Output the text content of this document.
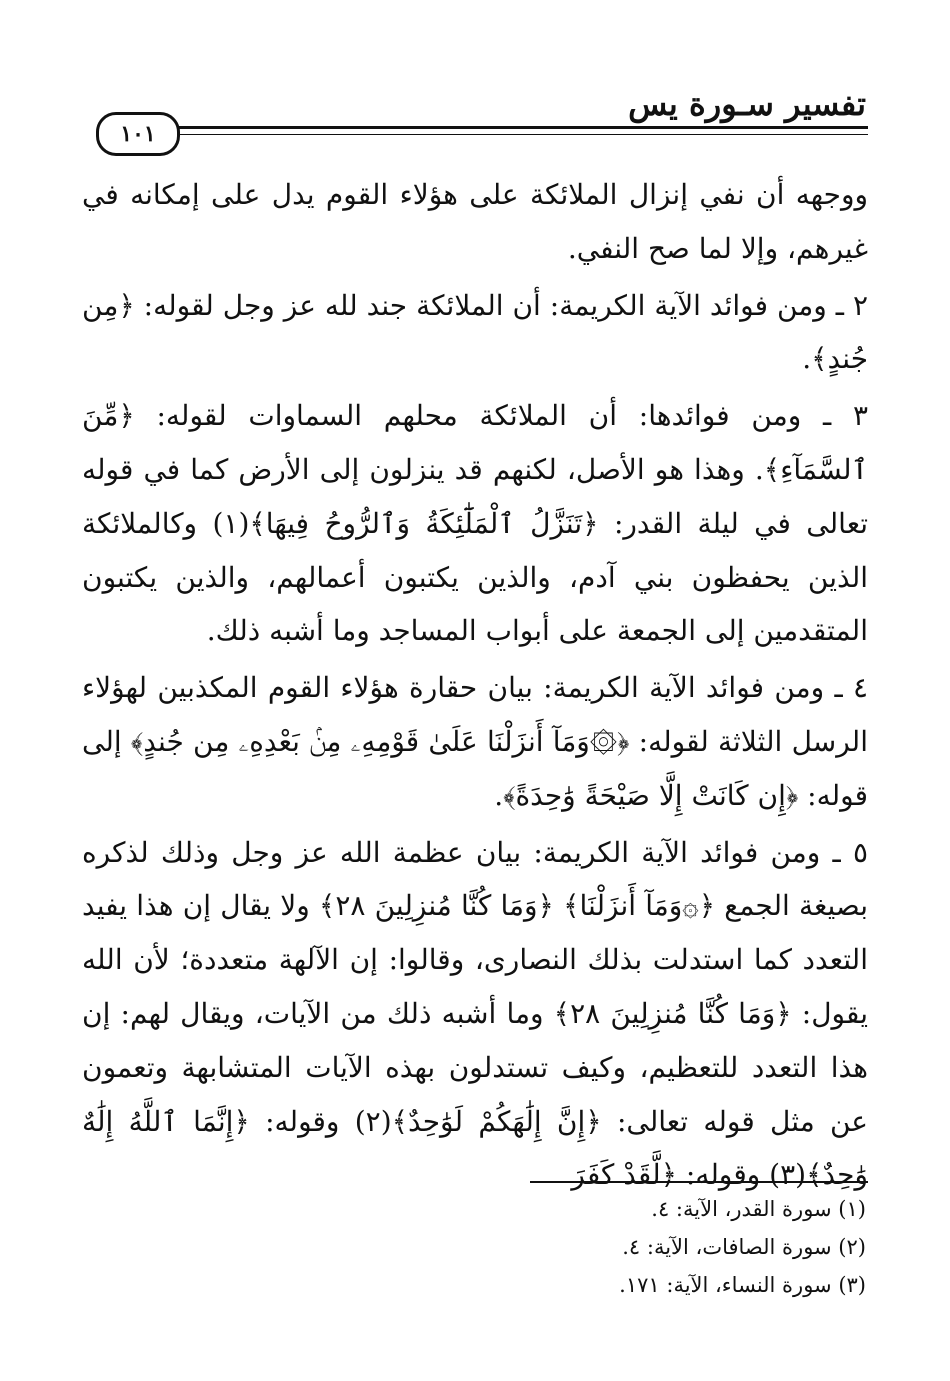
تفسير سـورة يس
١٠١

ووجهه أن نفي إنزال الملائكة على هؤلاء القوم يدل على إمكانه في غيرهم، وإلا لما صح النفي.

٢ ـ ومن فوائد الآية الكريمة: أن الملائكة جند لله عز وجل لقوله: ﴿مِن جُندٍ﴾.

٣ ـ ومن فوائدها: أن الملائكة محلهم السماوات لقوله: ﴿مِّنَ ٱلسَّمَآءِ﴾. وهذا هو الأصل، لكنهم قد ينزلون إلى الأرض كما في قوله تعالى في ليلة القدر: ﴿تَنَزَّلُ ٱلْمَلَٰٓئِكَةُ وَٱلرُّوحُ فِيهَا﴾(١) وكالملائكة الذين يحفظون بني آدم، والذين يكتبون أعمالهم، والذين يكتبون المتقدمين إلى الجمعة على أبواب المساجد وما أشبه ذلك.

٤ ـ ومن فوائد الآية الكريمة: بيان حقارة هؤلاء القوم المكذبين لهؤلاء الرسل الثلاثة لقوله: ﴿۞وَمَآ أَنزَلْنَا عَلَىٰ قَوْمِهِۦ مِنۢ بَعْدِهِۦ مِن جُندٍ﴾ إلى قوله: ﴿إِن كَانَتْ إِلَّا صَيْحَةً وَٰحِدَةً﴾.

٥ ـ ومن فوائد الآية الكريمة: بيان عظمة الله عز وجل وذلك لذكره بصيغة الجمع ﴿۞وَمَآ أَنزَلْنَا﴾ ﴿وَمَا كُنَّا مُنزِلِينَ ٢٨﴾ ولا يقال إن هذا يفيد التعدد كما استدلت بذلك النصارى، وقالوا: إن الآلهة متعددة؛ لأن الله يقول: ﴿وَمَا كُنَّا مُنزِلِينَ ٢٨﴾ وما أشبه ذلك من الآيات، ويقال لهم: إن هذا التعدد للتعظيم، وكيف تستدلون بهذه الآيات المتشابهة وتعمون عن مثل قوله تعالى: ﴿إِنَّ إِلَٰهَكُمْ لَوَٰحِدٌ﴾(٢) وقوله: ﴿إِنَّمَا ٱللَّهُ إِلَٰهٌ وَٰحِدٌ﴾(٣) وقوله: ﴿لَّقَدْ كَفَرَ

(١) سورة القدر، الآية: ٤.
(٢) سورة الصافات، الآية: ٤.
(٣) سورة النساء، الآية: ١٧١.
